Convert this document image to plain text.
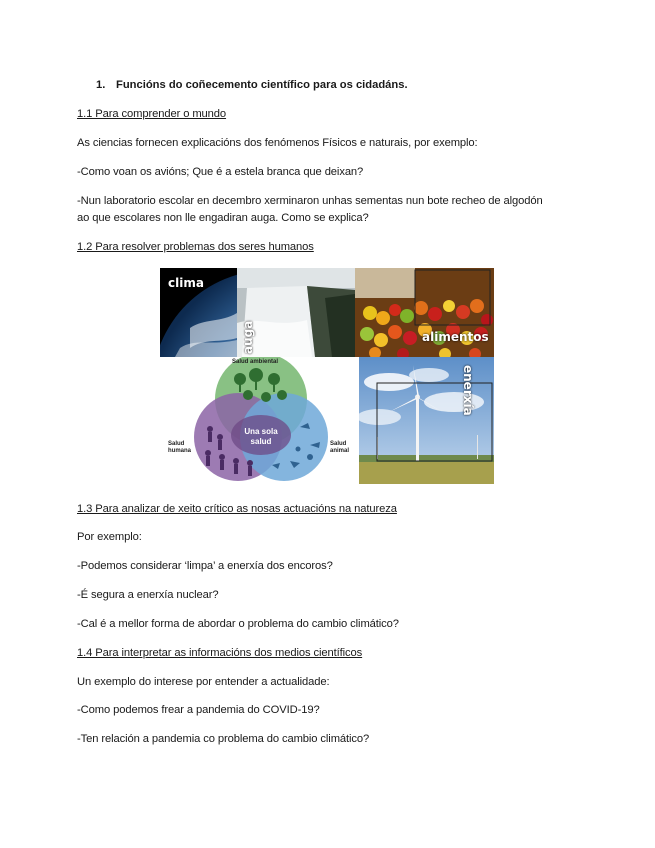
1. Funcións do coñecemento científico para os cidadáns.
1.1 Para comprender o mundo
As ciencias fornecen explicacións dos fenómenos Físicos e naturais, por exemplo:
-Como voan os avións; Que é a estela branca que deixan?
-Nun laboratorio escolar en decembro xerminaron unhas sementas nun bote recheo de algodón
ao que escolares non lle engadiran auga. Como se explica?
1.2 Para resolver problemas dos seres humanos
clima
auga	alimentos
Salud ambiental
Una sola
salud
Salud
humana
Salud
animal
enerxía
1.3 Para analizar de xeito crítico as nosas actuacións na natureza
Por exemplo:
-Podemos considerar ‘limpa’ a enerxía dos encoros?
-É segura a enerxía nuclear?
-Cal é a mellor forma de abordar o problema do cambio climático?
1.4 Para interpretar as informacións dos medios científicos
Un exemplo do interese por entender a actualidade:
-Como podemos frear a pandemia do COVID-19?
-Ten relación a pandemia co problema do cambio climático?
